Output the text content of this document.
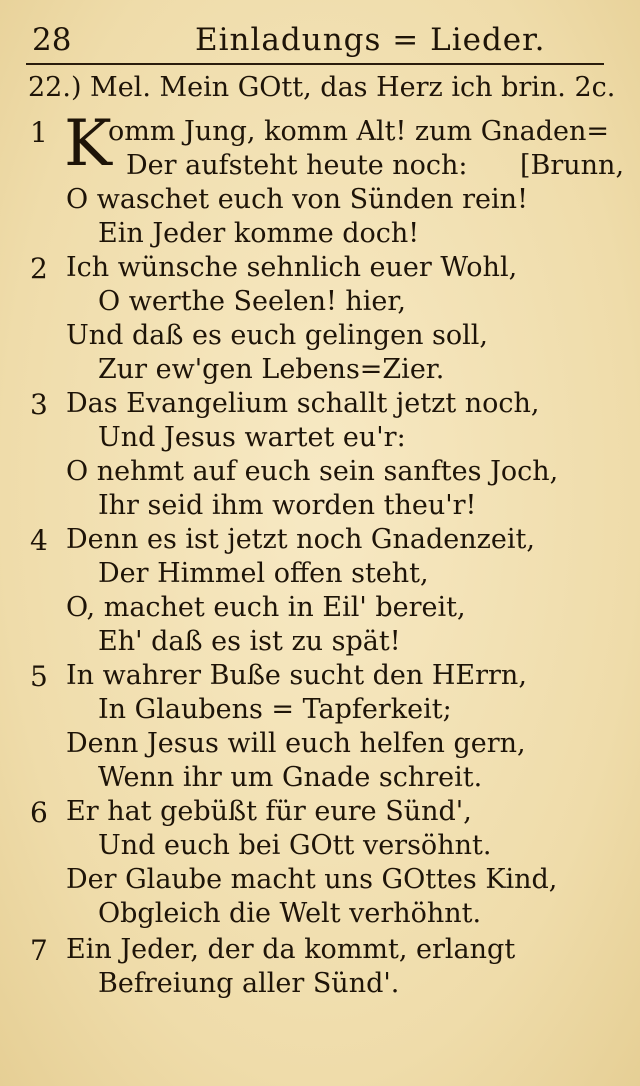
28	Einladungs = Lieder.
22.) Mel. Mein GOtt, das Herz ich brin. 2c.
1 K
omm Jung, komm Alt! zum Gnaden=
Der aufsteht heute noch: [Brunn,
O waschet euch von Sünden rein!
Ein Jeder komme doch!
2 Ich wünsche sehnlich euer Wohl,
O werthe Seelen! hier,
Und daß es euch gelingen soll,
Zur ew'gen Lebens=Zier.
3 Das Evangelium schallt jetzt noch,
Und Jesus wartet eu'r:
O nehmt auf euch sein sanftes Joch,
Ihr seid ihm worden theu'r!
4 Denn es ist jetzt noch Gnadenzeit,
Der Himmel offen steht,
O, machet euch in Eil' bereit,
Eh' daß es ist zu spät!
5 In wahrer Buße sucht den HErrn,
In Glaubens = Tapferkeit;
Denn Jesus will euch helfen gern,
Wenn ihr um Gnade schreit.
6 Er hat gebüßt für eure Sünd',
Und euch bei GOtt versöhnt.
Der Glaube macht uns GOttes Kind,
Obgleich die Welt verhöhnt.
7 Ein Jeder, der da kommt, erlangt
Befreiung aller Sünd'.
